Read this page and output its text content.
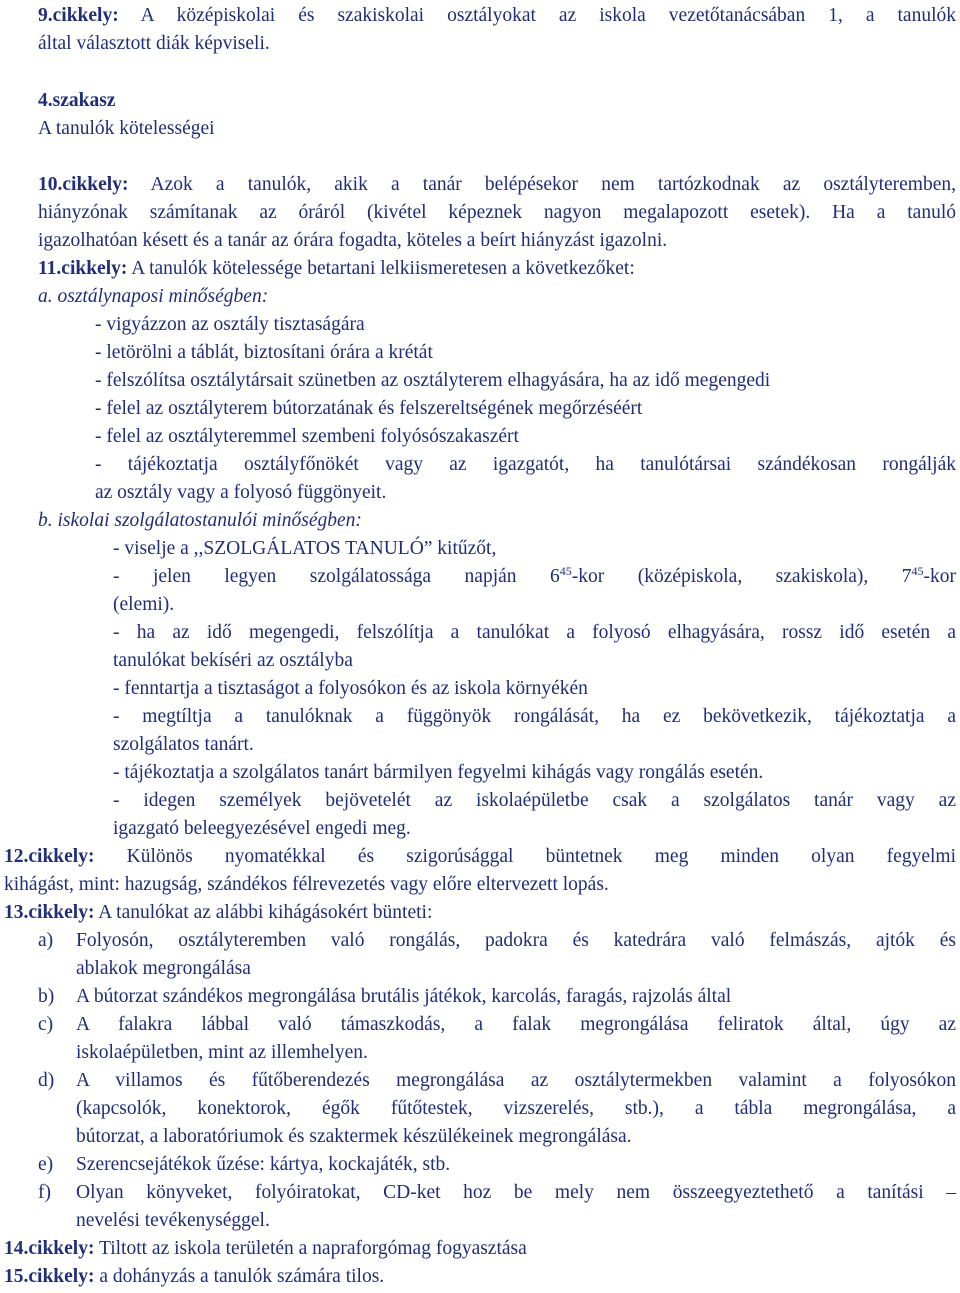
9.cikkely: A középiskolai és szakiskolai osztályokat az iskola vezetőtanácsában 1, a tanulók
által választott diák képviseli.
4.szakasz
A tanulók kötelességei
10.cikkely: Azok a tanulók, akik a tanár belépésekor nem tartózkodnak az osztályteremben,
hiányzónak számítanak az óráról (kivétel képeznek nagyon megalapozott esetek). Ha a tanuló
igazolhatóan késett és a tanár az órára fogadta, köteles a beírt hiányzást igazolni.
11.cikkely: A tanulók kötelessége betartani lelkiismeretesen a következőket:
a. osztálynaposi minőségben:
- vigyázzon az osztály tisztaságára
- letörölni a táblát, biztosítani órára a krétát
- felszólítsa osztálytársait szünetben az osztályterem elhagyására, ha az idő megengedi
- felel az osztályterem bútorzatának és felszereltségének megőrzéséért
- felel az osztályteremmel szembeni folyósószakaszért
- tájékoztatja osztályfőnökét vagy az igazgatót, ha tanulótársai szándékosan rongálják
az osztály vagy a folyosó függönyeit.
b. iskolai szolgálatostanulói minőségben:
- viselje a ,,SZOLGÁLATOS TANULÓ” kitűzőt,
- jelen legyen szolgálatossága napján $6^{45}$-kor (középiskola, szakiskola), $7^{45}$-kor
(elemi).
- ha az idő megengedi, felszólítja a tanulókat a folyosó elhagyására, rossz idő esetén a
tanulókat bekíséri az osztályba
- fenntartja a tisztaságot a folyosókon és az iskola környékén
- megtíltja a tanulóknak a függönyök rongálását, ha ez bekövetkezik, tájékoztatja a
szolgálatos tanárt.
- tájékoztatja a szolgálatos tanárt bármilyen fegyelmi kihágás vagy rongálás esetén.
- idegen személyek bejövetelét az iskolaépületbe csak a szolgálatos tanár vagy az
igazgató beleegyezésével engedi meg.
12.cikkely: Különös nyomatékkal és szigorúsággal büntetnek meg minden olyan fegyelmi
kihágást, mint: hazugság, szándékos félrevezetés vagy előre eltervezett lopás.
13.cikkely: A tanulókat az alábbi kihágásokért bünteti:
a) Folyosón, osztályteremben való rongálás, padokra és katedrára való felmászás, ajtók és
ablakok megrongálása
b) A bútorzat szándékos megrongálása brutális játékok, karcolás, faragás, rajzolás által
c) A falakra lábbal való támaszkodás, a falak megrongálása feliratok által, úgy az
iskolaépületben, mint az illemhelyen.
d) A villamos és fűtőberendezés megrongálása az osztálytermekben valamint a folyosókon
(kapcsolók, konektorok, égők fűtőtestek, vizszerelés, stb.), a tábla megrongálása, a
bútorzat, a laboratóriumok és szaktermek készülékeinek megrongálása.
e) Szerencsejátékok űzése: kártya, kockajáték, stb.
f) Olyan könyveket, folyóiratokat, CD-ket hoz be mely nem összeegyeztethető a tanítási –
nevelési tevékenységgel.
14.cikkely: Tiltott az iskola területén a napraforgómag fogyasztása
15.cikkely: a dohányzás a tanulók számára tilos.
